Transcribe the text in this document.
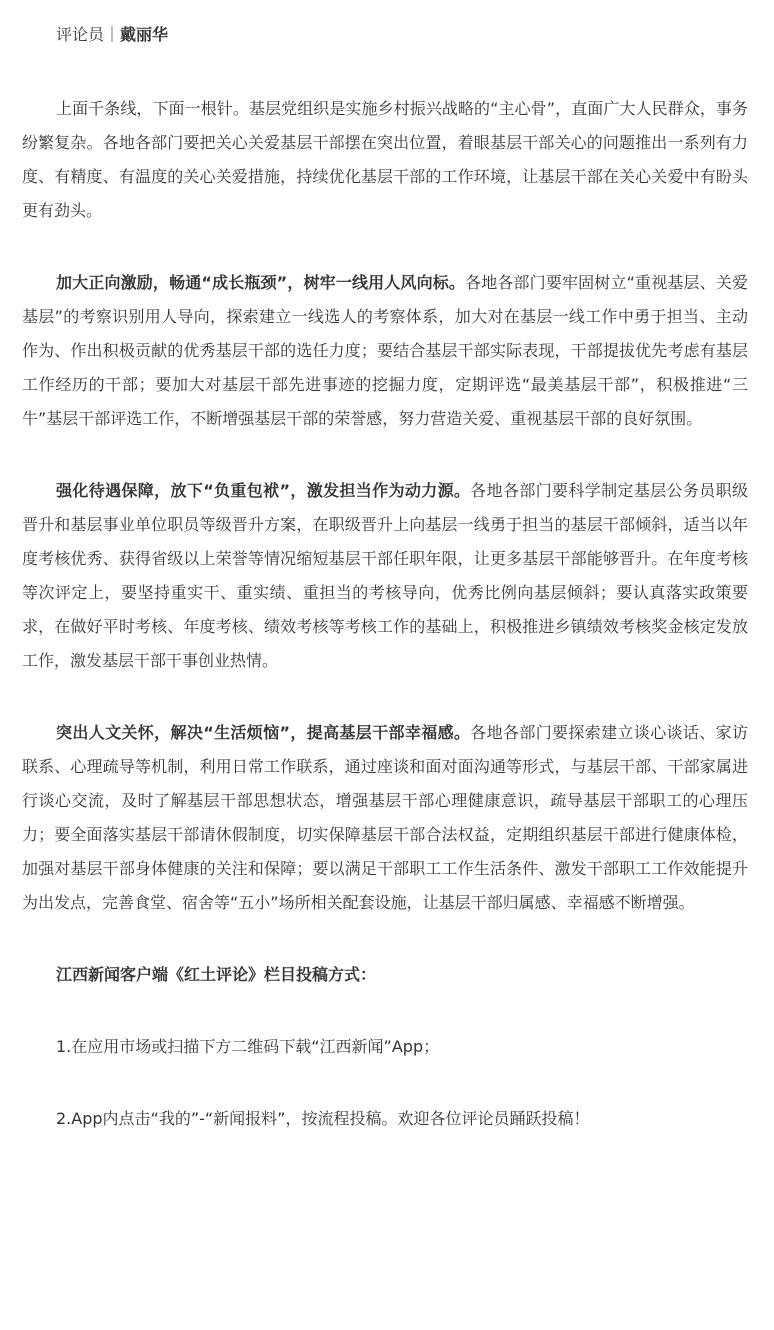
评论员｜戴丽华

上面千条线，下面一根针。基层党组织是实施乡村振兴战略的“主心骨”，直面广大人民群众，事务纷繁复杂。各地各部门要把关心关爱基层干部摆在突出位置，着眼基层干部关心的问题推出一系列有力度、有精度、有温度的关心关爱措施，持续优化基层干部的工作环境，让基层干部在关心关爱中有盼头更有劲头。

加大正向激励，畅通“成长瓶颈”，树牢一线用人风向标。各地各部门要牢固树立“重视基层、关爱基层”的考察识别用人导向，探索建立一线选人的考察体系，加大对在基层一线工作中勇于担当、主动作为、作出积极贡献的优秀基层干部的选任力度；要结合基层干部实际表现，干部提拔优先考虑有基层工作经历的干部；要加大对基层干部先进事迹的挖掘力度，定期评选“最美基层干部”，积极推进“三牛”基层干部评选工作，不断增强基层干部的荣誉感，努力营造关爱、重视基层干部的良好氛围。

强化待遇保障，放下“负重包袱”，激发担当作为动力源。各地各部门要科学制定基层公务员职级晋升和基层事业单位职员等级晋升方案，在职级晋升上向基层一线勇于担当的基层干部倾斜，适当以年度考核优秀、获得省级以上荣誉等情况缩短基层干部任职年限，让更多基层干部能够晋升。在年度考核等次评定上，要坚持重实干、重实绩、重担当的考核导向，优秀比例向基层倾斜；要认真落实政策要求，在做好平时考核、年度考核、绩效考核等考核工作的基础上，积极推进乡镇绩效考核奖金核定发放工作，激发基层干部干事创业热情。

突出人文关怀，解决“生活烦恼”，提高基层干部幸福感。各地各部门要探索建立谈心谈话、家访联系、心理疏导等机制，利用日常工作联系，通过座谈和面对面沟通等形式，与基层干部、干部家属进行谈心交流，及时了解基层干部思想状态，增强基层干部心理健康意识，疏导基层干部职工的心理压力；要全面落实基层干部请休假制度，切实保障基层干部合法权益，定期组织基层干部进行健康体检，加强对基层干部身体健康的关注和保障；要以满足干部职工工作生活条件、激发干部职工工作效能提升为出发点，完善食堂、宿舍等“五小”场所相关配套设施，让基层干部归属感、幸福感不断增强。

江西新闻客户端《红土评论》栏目投稿方式：
1.在应用市场或扫描下方二维码下载“江西新闻”App；
2.App内点击“我的”-“新闻报料”，按流程投稿。欢迎各位评论员踊跃投稿！
